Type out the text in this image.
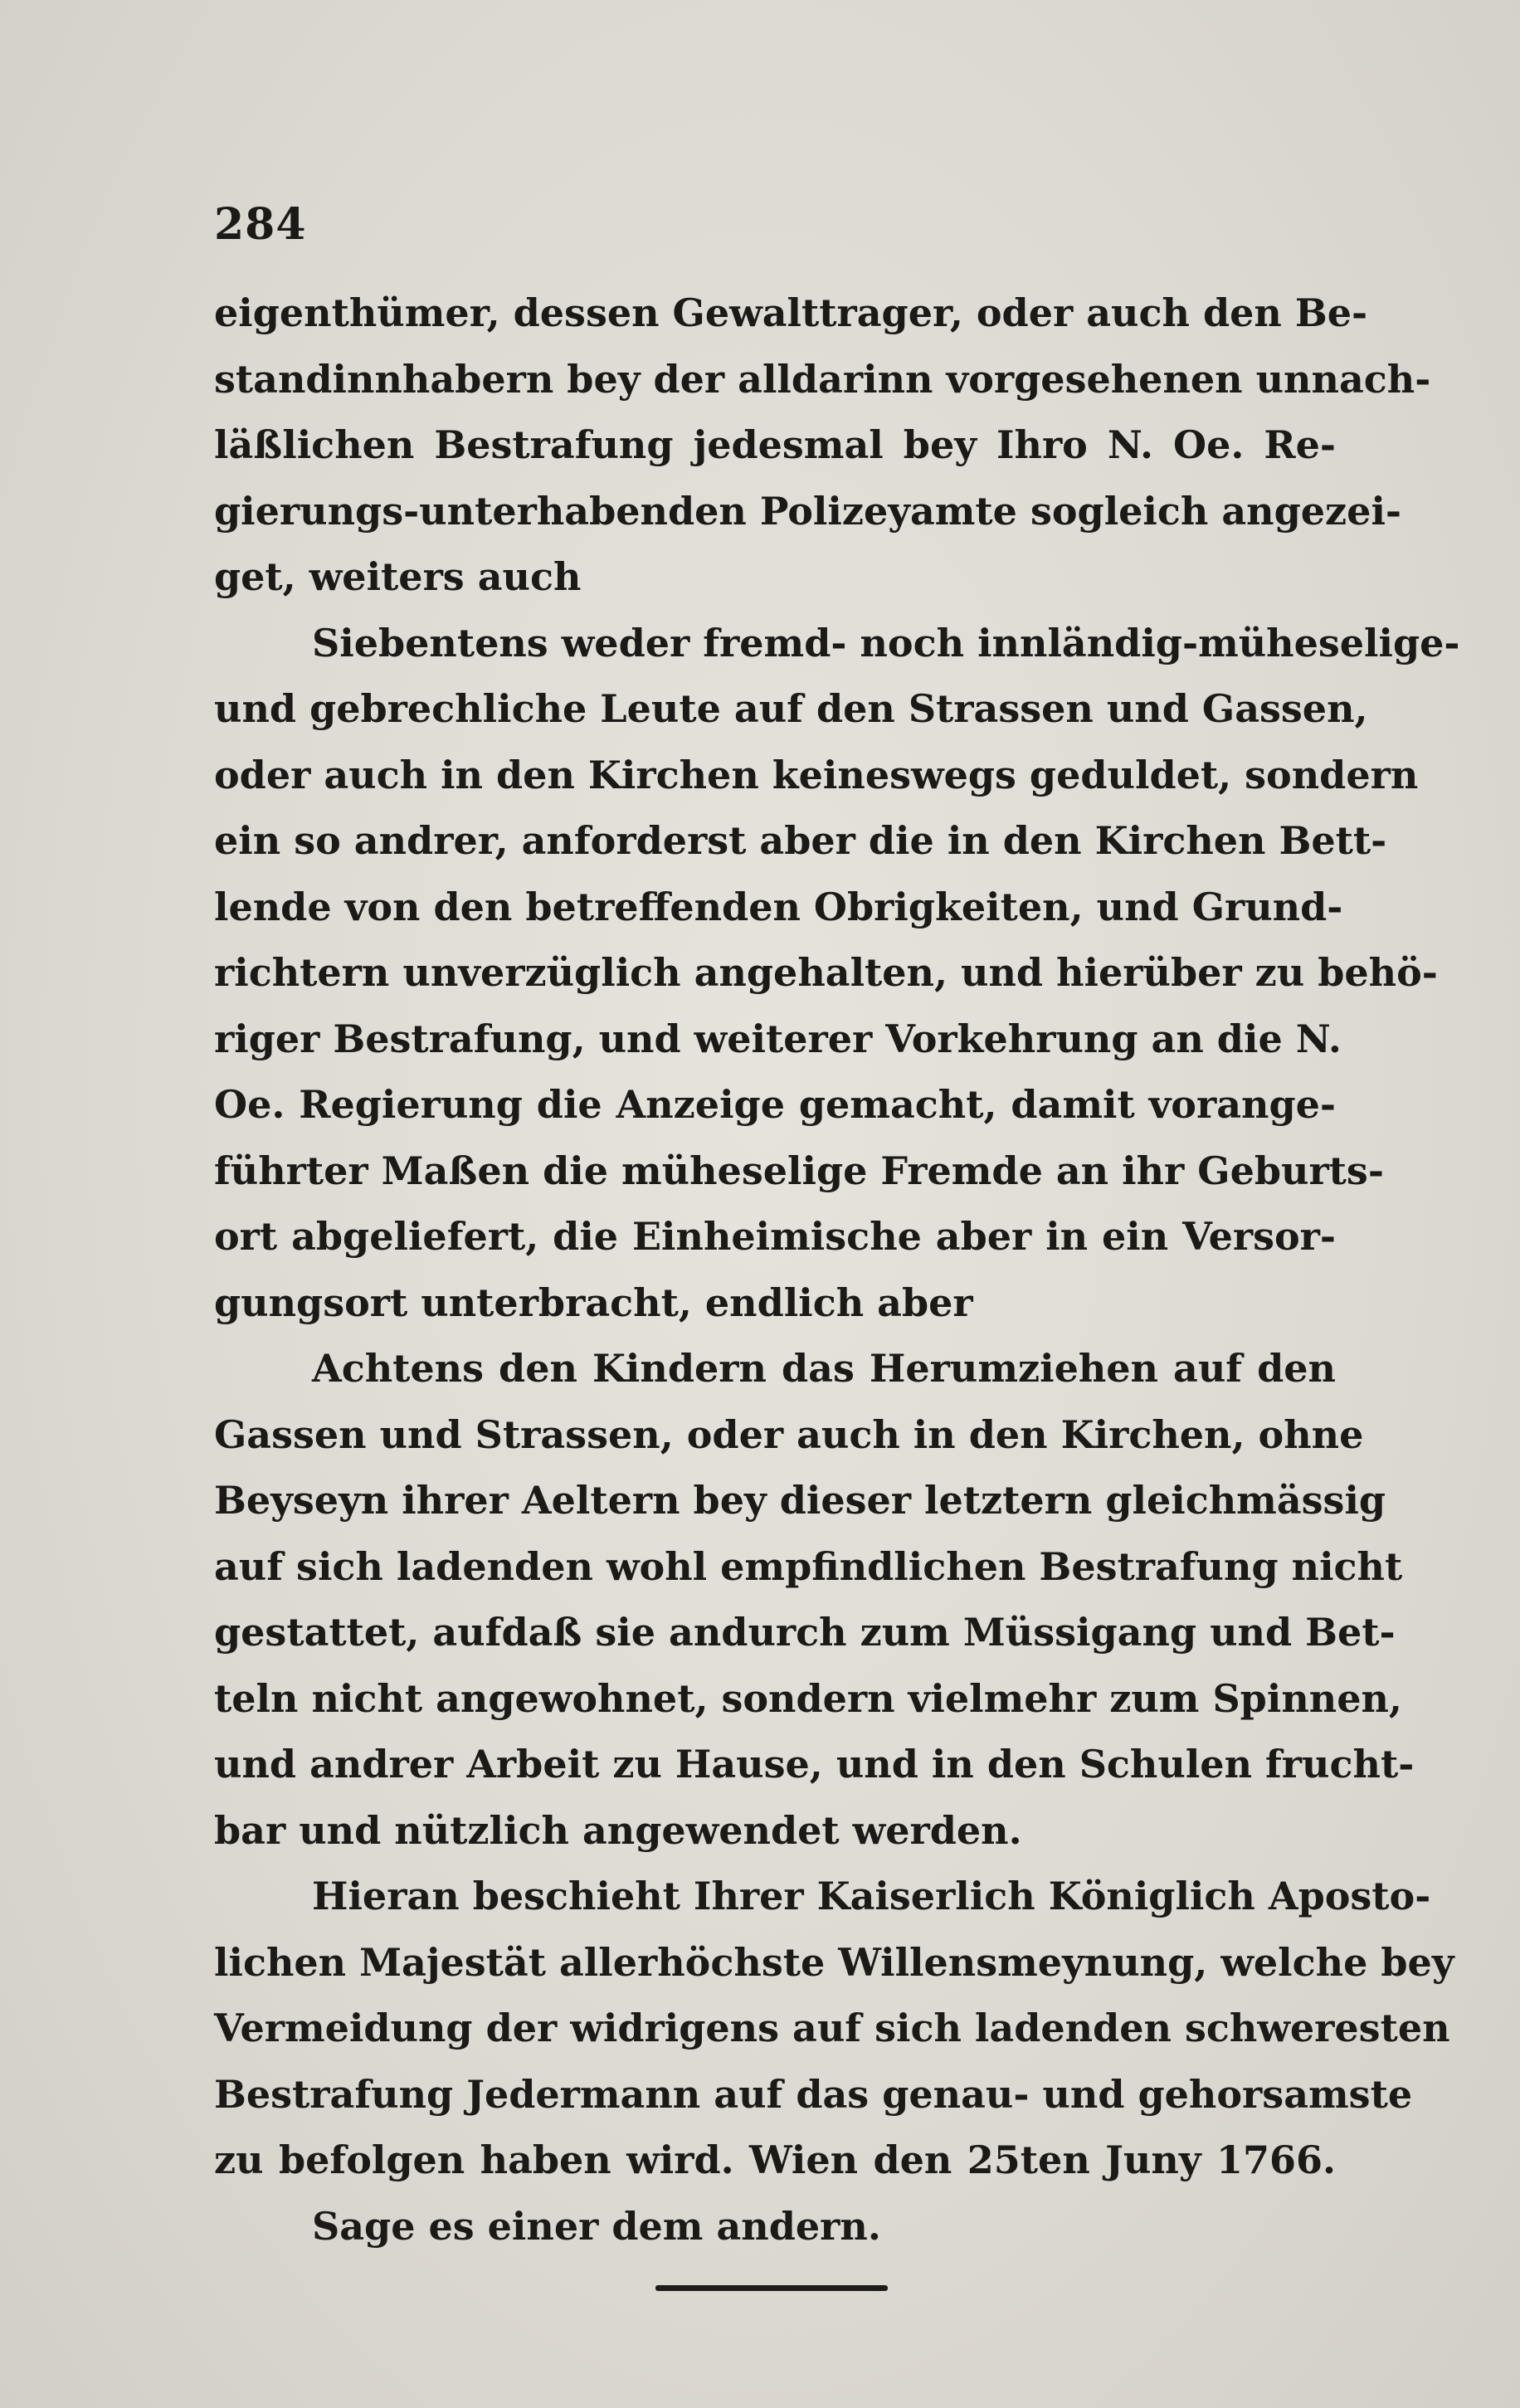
284
eigenthümer, dessen Gewalttrager, oder auch den Be-
standinnhabern bey der alldarinn vorgesehenen unnach-
läßlichen Bestrafung jedesmal bey Ihro N. Oe. Re-
gierungs-unterhabenden Polizeyamte sogleich angezei-
get, weiters auch
Siebentens weder fremd- noch innländig-müheselige-
und gebrechliche Leute auf den Strassen und Gassen,
oder auch in den Kirchen keineswegs geduldet, sondern
ein so andrer, anforderst aber die in den Kirchen Bett-
lende von den betreffenden Obrigkeiten, und Grund-
richtern unverzüglich angehalten, und hierüber zu behö-
riger Bestrafung, und weiterer Vorkehrung an die N.
Oe. Regierung die Anzeige gemacht, damit vorange-
führter Maßen die müheselige Fremde an ihr Geburts-
ort abgeliefert, die Einheimische aber in ein Versor-
gungsort unterbracht, endlich aber
Achtens den Kindern das Herumziehen auf den
Gassen und Strassen, oder auch in den Kirchen, ohne
Beyseyn ihrer Aeltern bey dieser letztern gleichmässig
auf sich ladenden wohl empfindlichen Bestrafung nicht
gestattet, aufdaß sie andurch zum Müssigang und Bet-
teln nicht angewohnet, sondern vielmehr zum Spinnen,
und andrer Arbeit zu Hause, und in den Schulen frucht-
bar und nützlich angewendet werden.
Hieran beschieht Ihrer Kaiserlich Königlich Aposto-
lichen Majestät allerhöchste Willensmeynung, welche bey
Vermeidung der widrigens auf sich ladenden schweresten
Bestrafung Jedermann auf das genau- und gehorsamste
zu befolgen haben wird. Wien den 25ten Juny 1766.
Sage es einer dem andern.
